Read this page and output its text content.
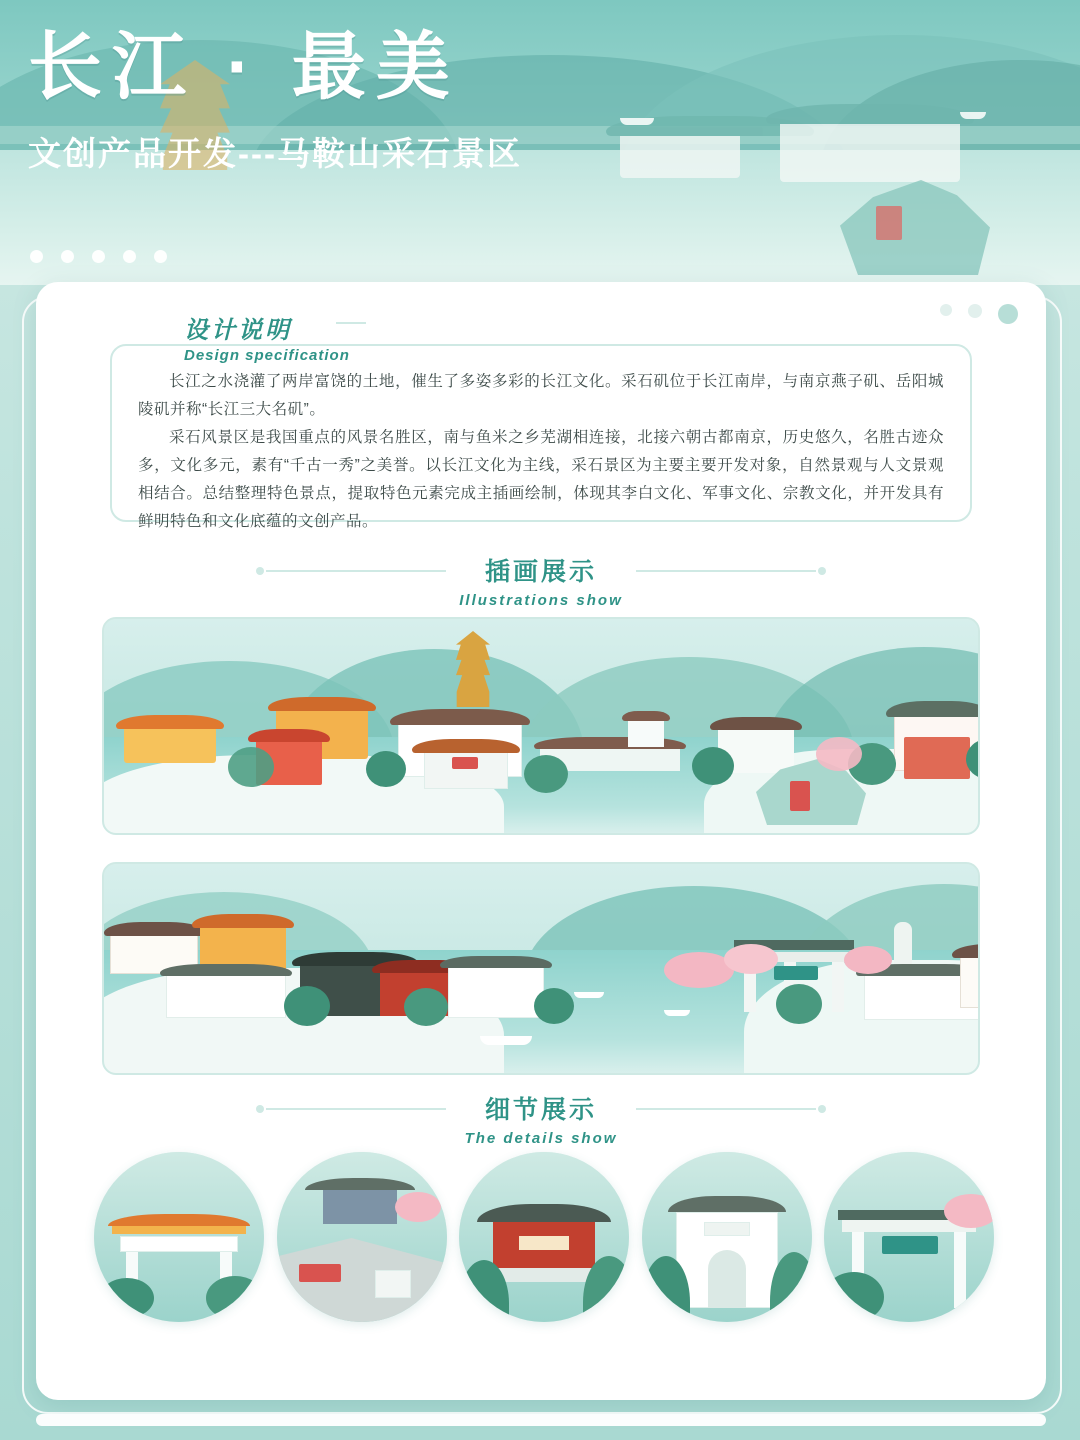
长江 · 最美
文创产品开发---马鞍山采石景区
设计说明
Design specification

长江之水浇灌了两岸富饶的土地，催生了多姿多彩的长江文化。采石矶位于长江南岸，与南京燕子矶、岳阳城陵矶并称“长江三大名矶”。

采石风景区是我国重点的风景名胜区，南与鱼米之乡芜湖相连接，北接六朝古都南京，历史悠久，名胜古迹众多，文化多元，素有“千古一秀”之美誉。以长江文化为主线，采石景区为主要主要开发对象，自然景观与人文景观相结合。总结整理特色景点，提取特色元素完成主插画绘制，体现其李白文化、军事文化、宗教文化，并开发具有鲜明特色和文化底蕴的文创产品。

插画展示
Illustrations show
细节展示
The details show
